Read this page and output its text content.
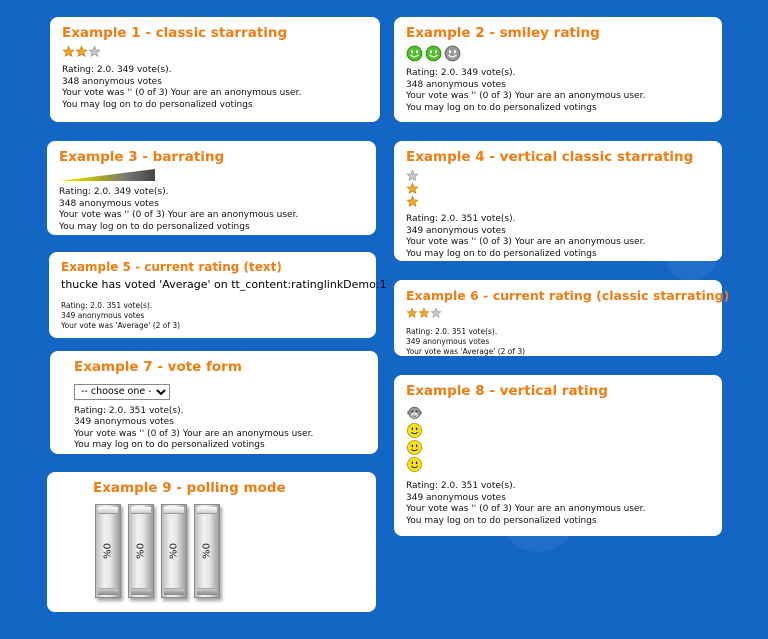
Example 1 - classic starrating
Rating: 2.0. 349 vote(s).
348 anonymous votes
Your vote was '' (0 of 3) Your are an anonymous user.
You may log on to do personalized votings
Example 2 - smiley rating
Rating: 2.0. 349 vote(s).
348 anonymous votes
Your vote was '' (0 of 3) Your are an anonymous user.
You may log on to do personalized votings
Example 3 - barrating
Rating: 2.0. 349 vote(s).
348 anonymous votes
Your vote was '' (0 of 3) Your are an anonymous user.
You may log on to do personalized votings
Example 4 - vertical classic starrating
Rating: 2.0. 351 vote(s).
349 anonymous votes
Your vote was '' (0 of 3) Your are an anonymous user.
You may log on to do personalized votings
Example 5 - current rating (text)
thucke has voted 'Average' on tt_content:ratinglinkDemo:1
Rating: 2.0. 351 vote(s).
349 anonymous votes
Your vote was 'Average' (2 of 3)
Example 6 - current rating (classic starrating)
Rating: 2.0. 351 vote(s).
349 anonymous votes
Your vote was 'Average' (2 of 3)
Example 7 - vote form
-- choose one --
Rating: 2.0. 351 vote(s).
349 anonymous votes
Your vote was '' (0 of 3) Your are an anonymous user.
You may log on to do personalized votings
Example 8 - vertical rating
Rating: 2.0. 351 vote(s).
349 anonymous votes
Your vote was '' (0 of 3) Your are an anonymous user.
You may log on to do personalized votings
Example 9 - polling mode
%0 %0 %0 %0
